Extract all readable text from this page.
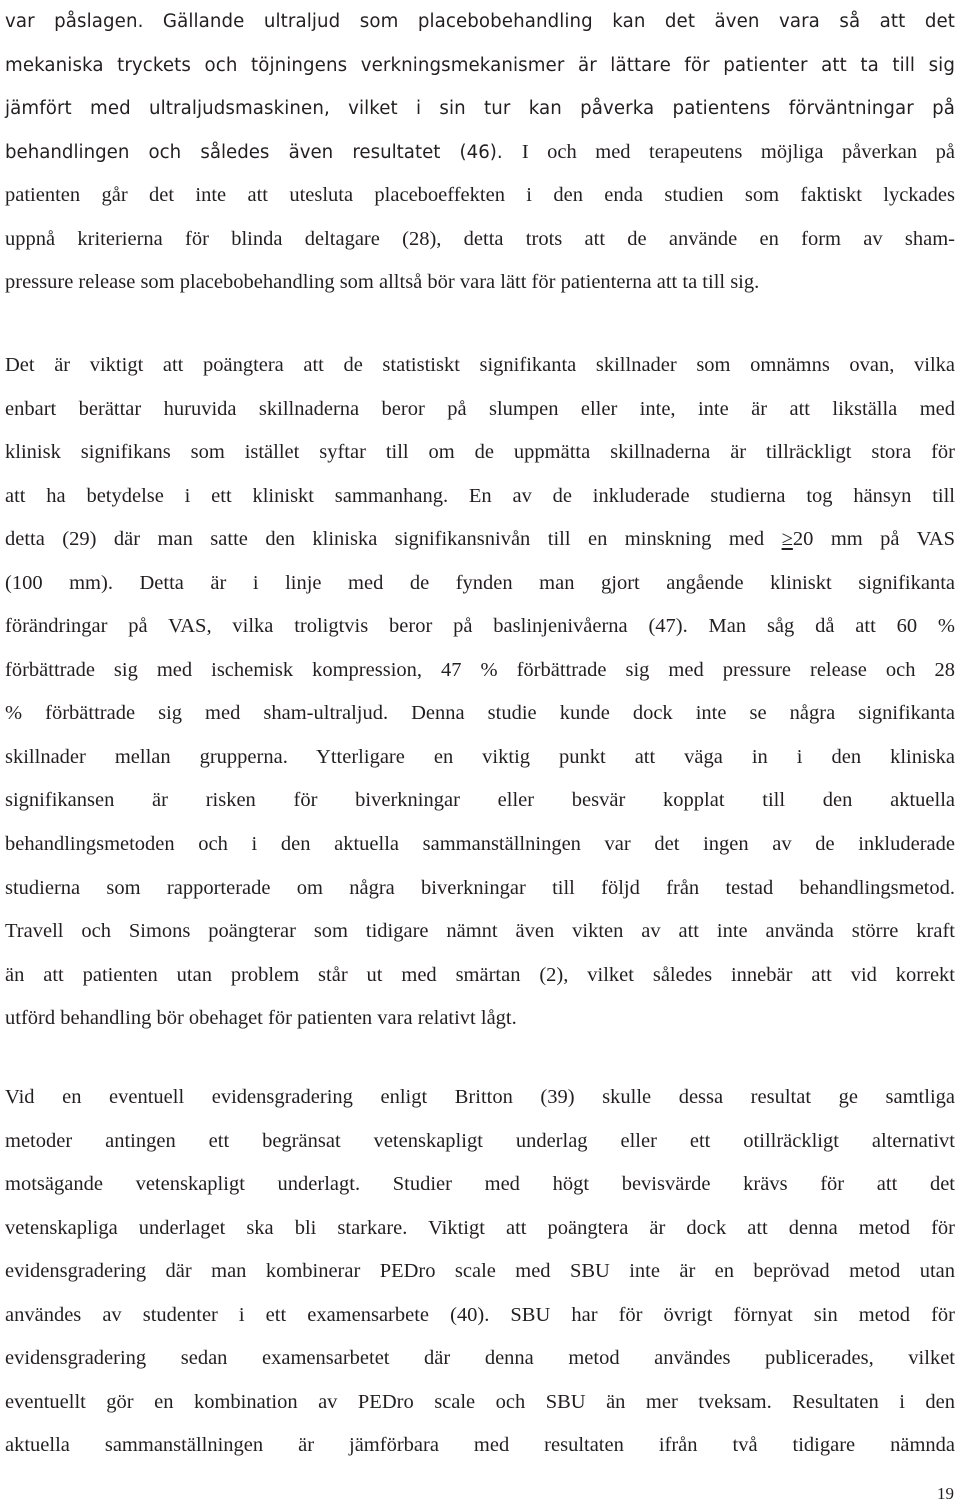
var påslagen. Gällande ultraljud som placebobehandling kan det även vara så att det
mekaniska tryckets och töjningens verkningsmekanismer är lättare för patienter att ta till sig
jämfört med ultraljudsmaskinen, vilket i sin tur kan påverka patientens förväntningar på
behandlingen och således även resultatet (46). I och med terapeutens möjliga påverkan på
patienten går det inte att utesluta placeboeffekten i den enda studien som faktiskt lyckades
uppnå kriterierna för blinda deltagare (28), detta trots att de använde en form av sham-
pressure release som placebobehandling som alltså bör vara lätt för patienterna att ta till sig.
Det är viktigt att poängtera att de statistiskt signifikanta skillnader som omnämns ovan, vilka
enbart berättar huruvida skillnaderna beror på slumpen eller inte, inte är att likställa med
klinisk signifikans som istället syftar till om de uppmätta skillnaderna är tillräckligt stora för
att ha betydelse i ett kliniskt sammanhang. En av de inkluderade studierna tog hänsyn till
detta (29) där man satte den kliniska signifikansnivån till en minskning med ≥20 mm på VAS
(100 mm). Detta är i linje med de fynden man gjort angående kliniskt signifikanta
förändringar på VAS, vilka troligtvis beror på baslinjenivåerna (47). Man såg då att 60 %
förbättrade sig med ischemisk kompression, 47 % förbättrade sig med pressure release och 28
% förbättrade sig med sham-ultraljud. Denna studie kunde dock inte se några signifikanta
skillnader mellan grupperna. Ytterligare en viktig punkt att väga in i den kliniska
signifikansen är risken för biverkningar eller besvär kopplat till den aktuella
behandlingsmetoden och i den aktuella sammanställningen var det ingen av de inkluderade
studierna som rapporterade om några biverkningar till följd från testad behandlingsmetod.
Travell och Simons poängterar som tidigare nämnt även vikten av att inte använda större kraft
än att patienten utan problem står ut med smärtan (2), vilket således innebär att vid korrekt
utförd behandling bör obehaget för patienten vara relativt lågt.
Vid en eventuell evidensgradering enligt Britton (39) skulle dessa resultat ge samtliga
metoder antingen ett begränsat vetenskapligt underlag eller ett otillräckligt alternativt
motsägande vetenskapligt underlagt. Studier med högt bevisvärde krävs för att det
vetenskapliga underlaget ska bli starkare. Viktigt att poängtera är dock att denna metod för
evidensgradering där man kombinerar PEDro scale med SBU inte är en beprövad metod utan
användes av studenter i ett examensarbete (40). SBU har för övrigt förnyat sin metod för
evidensgradering sedan examensarbetet där denna metod användes publicerades, vilket
eventuellt gör en kombination av PEDro scale och SBU än mer tveksam. Resultaten i den
aktuella sammanställningen är jämförbara med resultaten ifrån två tidigare nämnda
19
